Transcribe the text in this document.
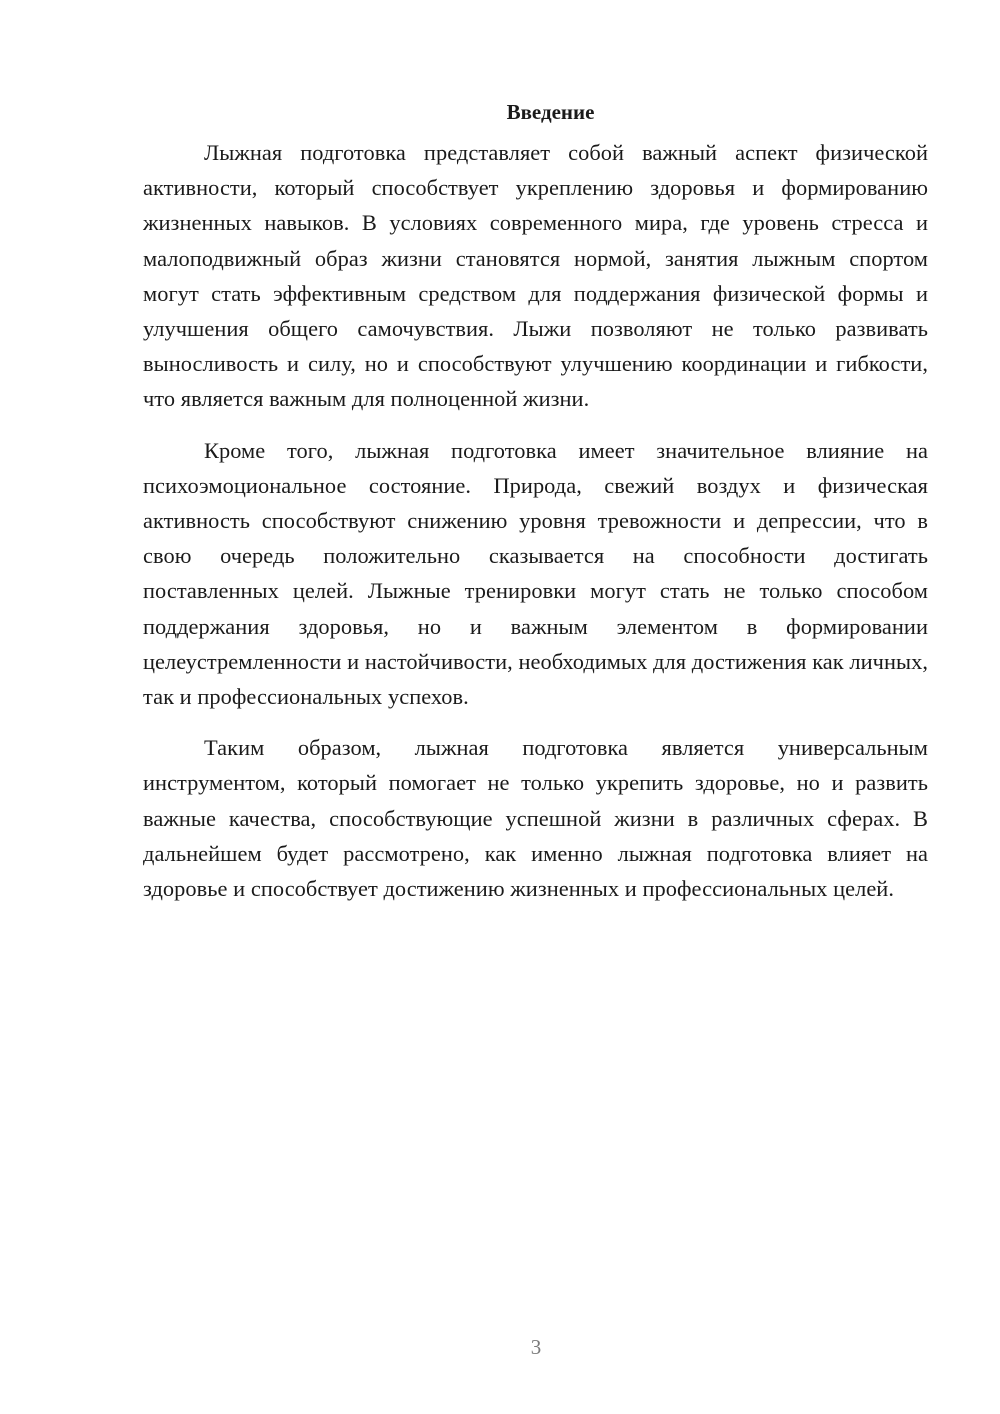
Введение

Лыжная подготовка представляет собой важный аспект физической активности, который способствует укреплению здоровья и формированию жизненных навыков. В условиях современного мира, где уровень стресса и малоподвижный образ жизни становятся нормой, занятия лыжным спортом могут стать эффективным средством для поддержания физической формы и улучшения общего самочувствия. Лыжи позволяют не только развивать выносливость и силу, но и способствуют улучшению координации и гибкости, что является важным для полноценной жизни.

Кроме того, лыжная подготовка имеет значительное влияние на психоэмоциональное состояние. Природа, свежий воздух и физическая активность способствуют снижению уровня тревожности и депрессии, что в свою очередь положительно сказывается на способности достигать поставленных целей. Лыжные тренировки могут стать не только способом поддержания здоровья, но и важным элементом в формировании целеустремленности и настойчивости, необходимых для достижения как личных, так и профессиональных успехов.

Таким образом, лыжная подготовка является универсальным инструментом, который помогает не только укрепить здоровье, но и развить важные качества, способствующие успешной жизни в различных сферах. В дальнейшем будет рассмотрено, как именно лыжная подготовка влияет на здоровье и способствует достижению жизненных и профессиональных целей.

3
